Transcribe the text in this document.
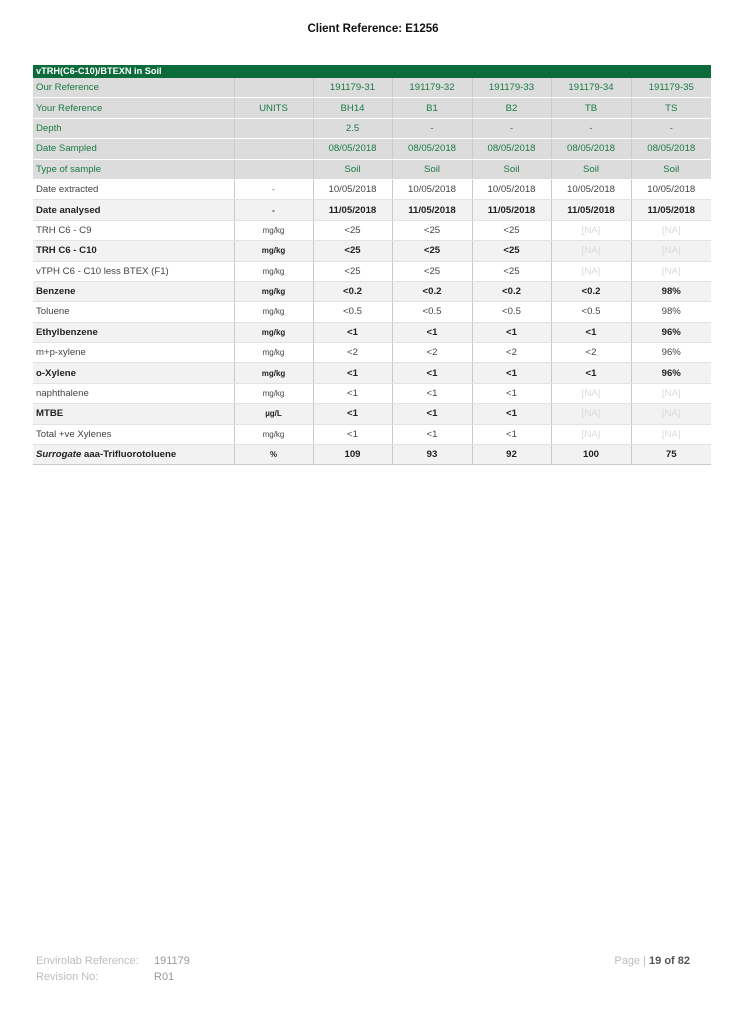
Client Reference: E1256
vTRH(C6-C10)/BTEXN in Soil						
Our Reference		191179-31	191179-32	191179-33	191179-34	191179-35
Your Reference	UNITS	BH14	B1	B2	TB	TS
Depth		2.5	-	-	-	-
Date Sampled		08/05/2018	08/05/2018	08/05/2018	08/05/2018	08/05/2018
Type of sample		Soil	Soil	Soil	Soil	Soil
Date extracted	-	10/05/2018	10/05/2018	10/05/2018	10/05/2018	10/05/2018
Date analysed	-	11/05/2018	11/05/2018	11/05/2018	11/05/2018	11/05/2018
TRH C6 - C9	mg/kg	<25	<25	<25	[NA]	[NA]
TRH C6 - C10	mg/kg	<25	<25	<25	[NA]	[NA]
vTPH C6 - C10 less BTEX (F1)	mg/kg	<25	<25	<25	[NA]	[NA]
Benzene	mg/kg	<0.2	<0.2	<0.2	<0.2	98%
Toluene	mg/kg	<0.5	<0.5	<0.5	<0.5	98%
Ethylbenzene	mg/kg	<1	<1	<1	<1	96%
m+p-xylene	mg/kg	<2	<2	<2	<2	96%
o-Xylene	mg/kg	<1	<1	<1	<1	96%
naphthalene	mg/kg	<1	<1	<1	[NA]	[NA]
MTBE	µg/L	<1	<1	<1	[NA]	[NA]
Total +ve Xylenes	mg/kg	<1	<1	<1	[NA]	[NA]
Surrogate aaa-Trifluorotoluene	%	109	93	92	100	75
Envirolab Reference: 191179
Revision No:	R01
Page | 19 of 82
